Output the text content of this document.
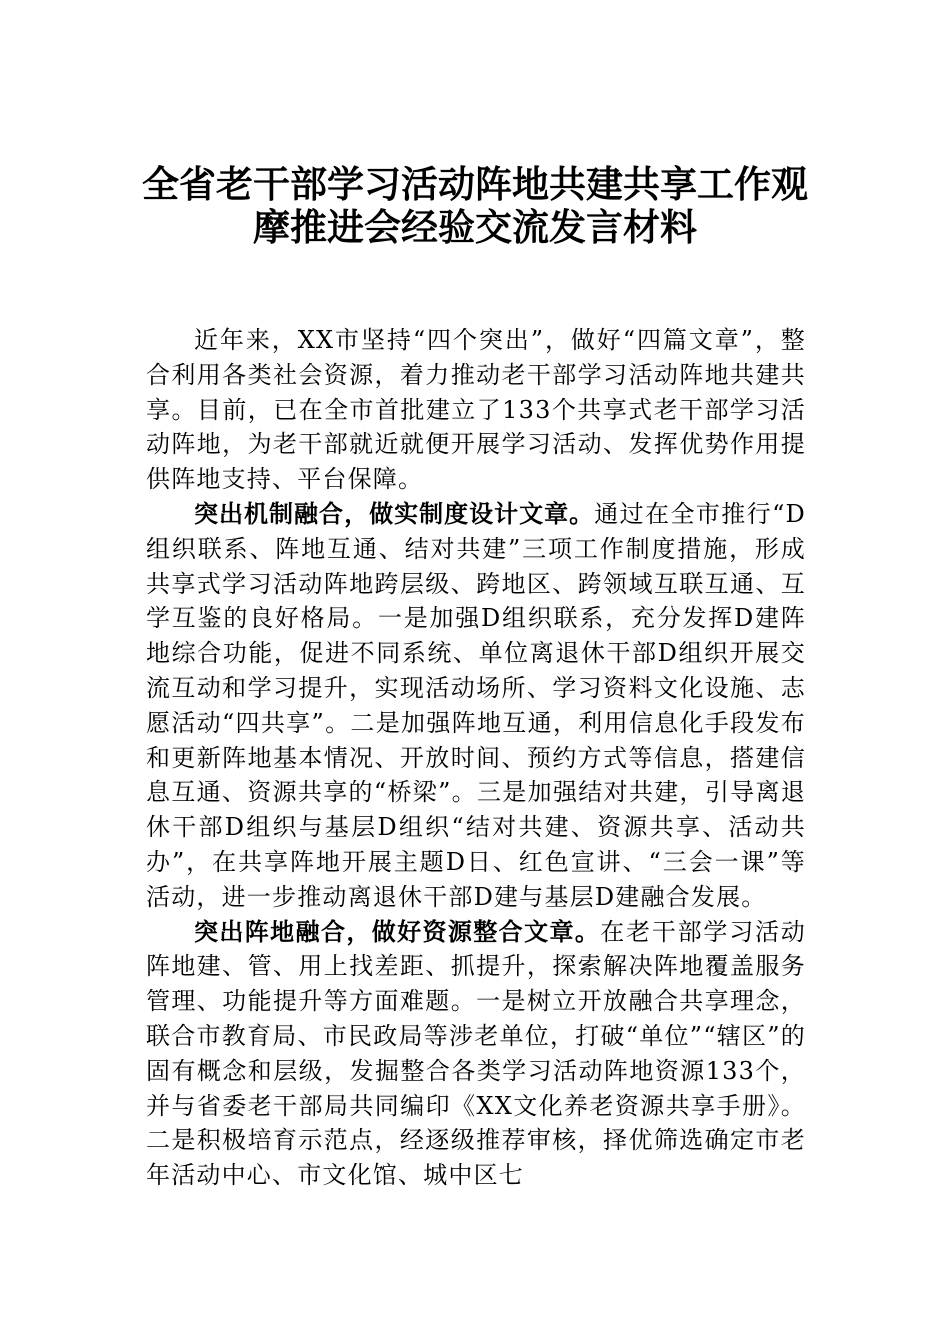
全省老干部学习活动阵地共建共享工作观
摩推进会经验交流发言材料

近年来，XX市坚持“四个突出”，做好“四篇文章”，整合利用各类社会资源，着力推动老干部学习活动阵地共建共享。目前，已在全市首批建立了133个共享式老干部学习活动阵地，为老干部就近就便开展学习活动、发挥优势作用提供阵地支持、平台保障。

突出机制融合，做实制度设计文章。通过在全市推行“D组织联系、阵地互通、结对共建”三项工作制度措施，形成共享式学习活动阵地跨层级、跨地区、跨领域互联互通、互学互鉴的良好格局。一是加强D组织联系，充分发挥D建阵地综合功能，促进不同系统、单位离退休干部D组织开展交流互动和学习提升，实现活动场所、学习资料文化设施、志愿活动“四共享”。二是加强阵地互通，利用信息化手段发布和更新阵地基本情况、开放时间、预约方式等信息，搭建信息互通、资源共享的“桥梁”。三是加强结对共建，引导离退休干部D组织与基层D组织“结对共建、资源共享、活动共办”，在共享阵地开展主题D日、红色宣讲、“三会一课”等活动，进一步推动离退休干部D建与基层D建融合发展。

突出阵地融合，做好资源整合文章。在老干部学习活动阵地建、管、用上找差距、抓提升，探索解决阵地覆盖服务管理、功能提升等方面难题。一是树立开放融合共享理念，联合市教育局、市民政局等涉老单位，打破“单位”“辖区”的固有概念和层级，发掘整合各类学习活动阵地资源133个，并与省委老干部局共同编印《XX文化养老资源共享手册》。二是积极培育示范点，经逐级推荐审核，择优筛选确定市老年活动中心、市文化馆、城中区七
